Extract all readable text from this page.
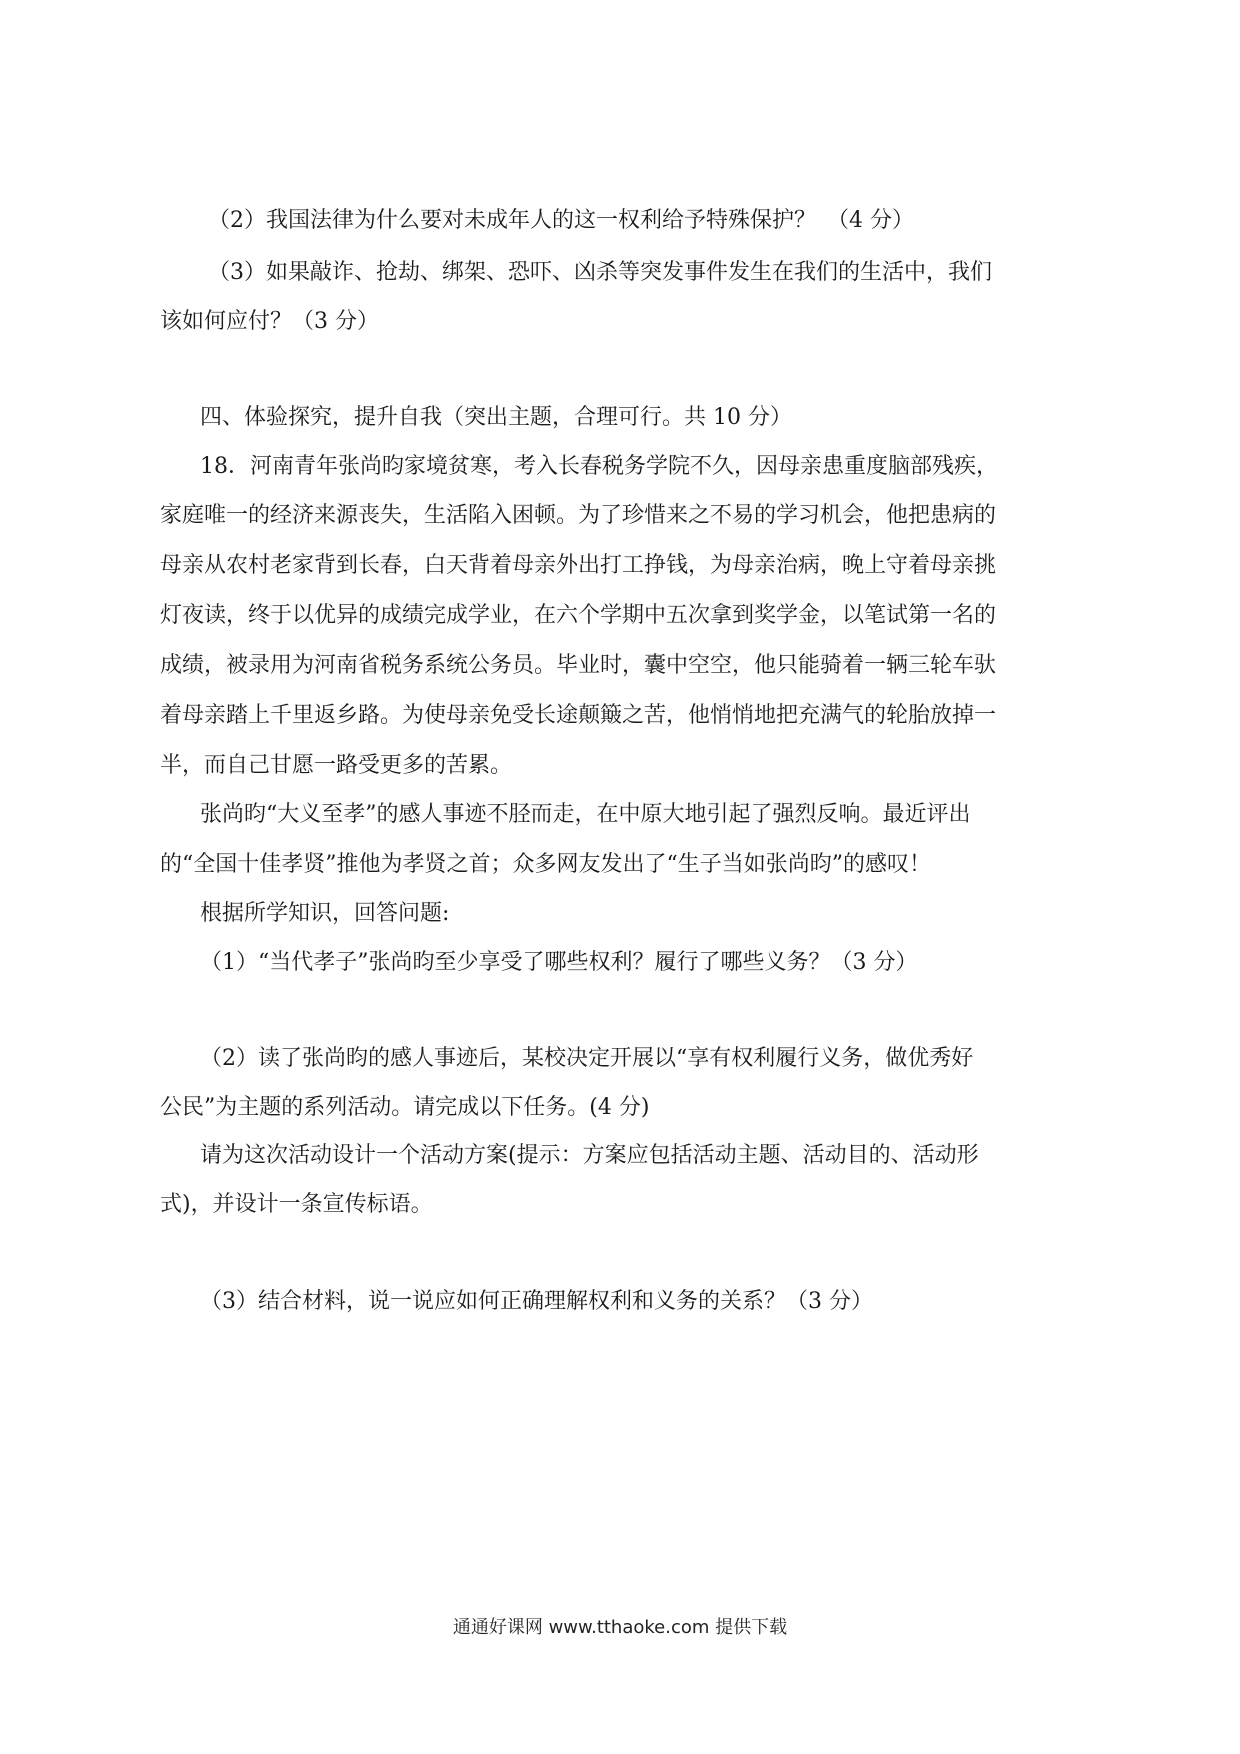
（2）我国法律为什么要对未成年人的这一权利给予特殊保护？　（4 分）
（3）如果敲诈、抢劫、绑架、恐吓、凶杀等突发事件发生在我们的生活中，我们
该如何应付？（3 分）
四、体验探究，提升自我（突出主题，合理可行。共 10 分）
18．河南青年张尚昀家境贫寒，考入长春税务学院不久，因母亲患重度脑部残疾，
家庭唯一的经济来源丧失，生活陷入困顿。为了珍惜来之不易的学习机会，他把患病的
母亲从农村老家背到长春，白天背着母亲外出打工挣钱，为母亲治病，晚上守着母亲挑
灯夜读，终于以优异的成绩完成学业，在六个学期中五次拿到奖学金，以笔试第一名的
成绩，被录用为河南省税务系统公务员。毕业时，囊中空空，他只能骑着一辆三轮车驮
着母亲踏上千里返乡路。为使母亲免受长途颠簸之苦，他悄悄地把充满气的轮胎放掉一
半，而自己甘愿一路受更多的苦累。
张尚昀“大义至孝”的感人事迹不胫而走，在中原大地引起了强烈反响。最近评出
的“全国十佳孝贤”推他为孝贤之首；众多网友发出了“生子当如张尚昀”的感叹！
根据所学知识，回答问题:
（1）“当代孝子”张尚昀至少享受了哪些权利？履行了哪些义务？（3 分）
（2）读了张尚昀的感人事迹后，某校决定开展以“享有权利履行义务，做优秀好
公民”为主题的系列活动。请完成以下任务。(4 分)
请为这次活动设计一个活动方案(提示：方案应包括活动主题、活动目的、活动形
式)，并设计一条宣传标语。
（3）结合材料，说一说应如何正确理解权利和义务的关系？（3 分）
通通好课网 www.tthaoke.com 提供下载
